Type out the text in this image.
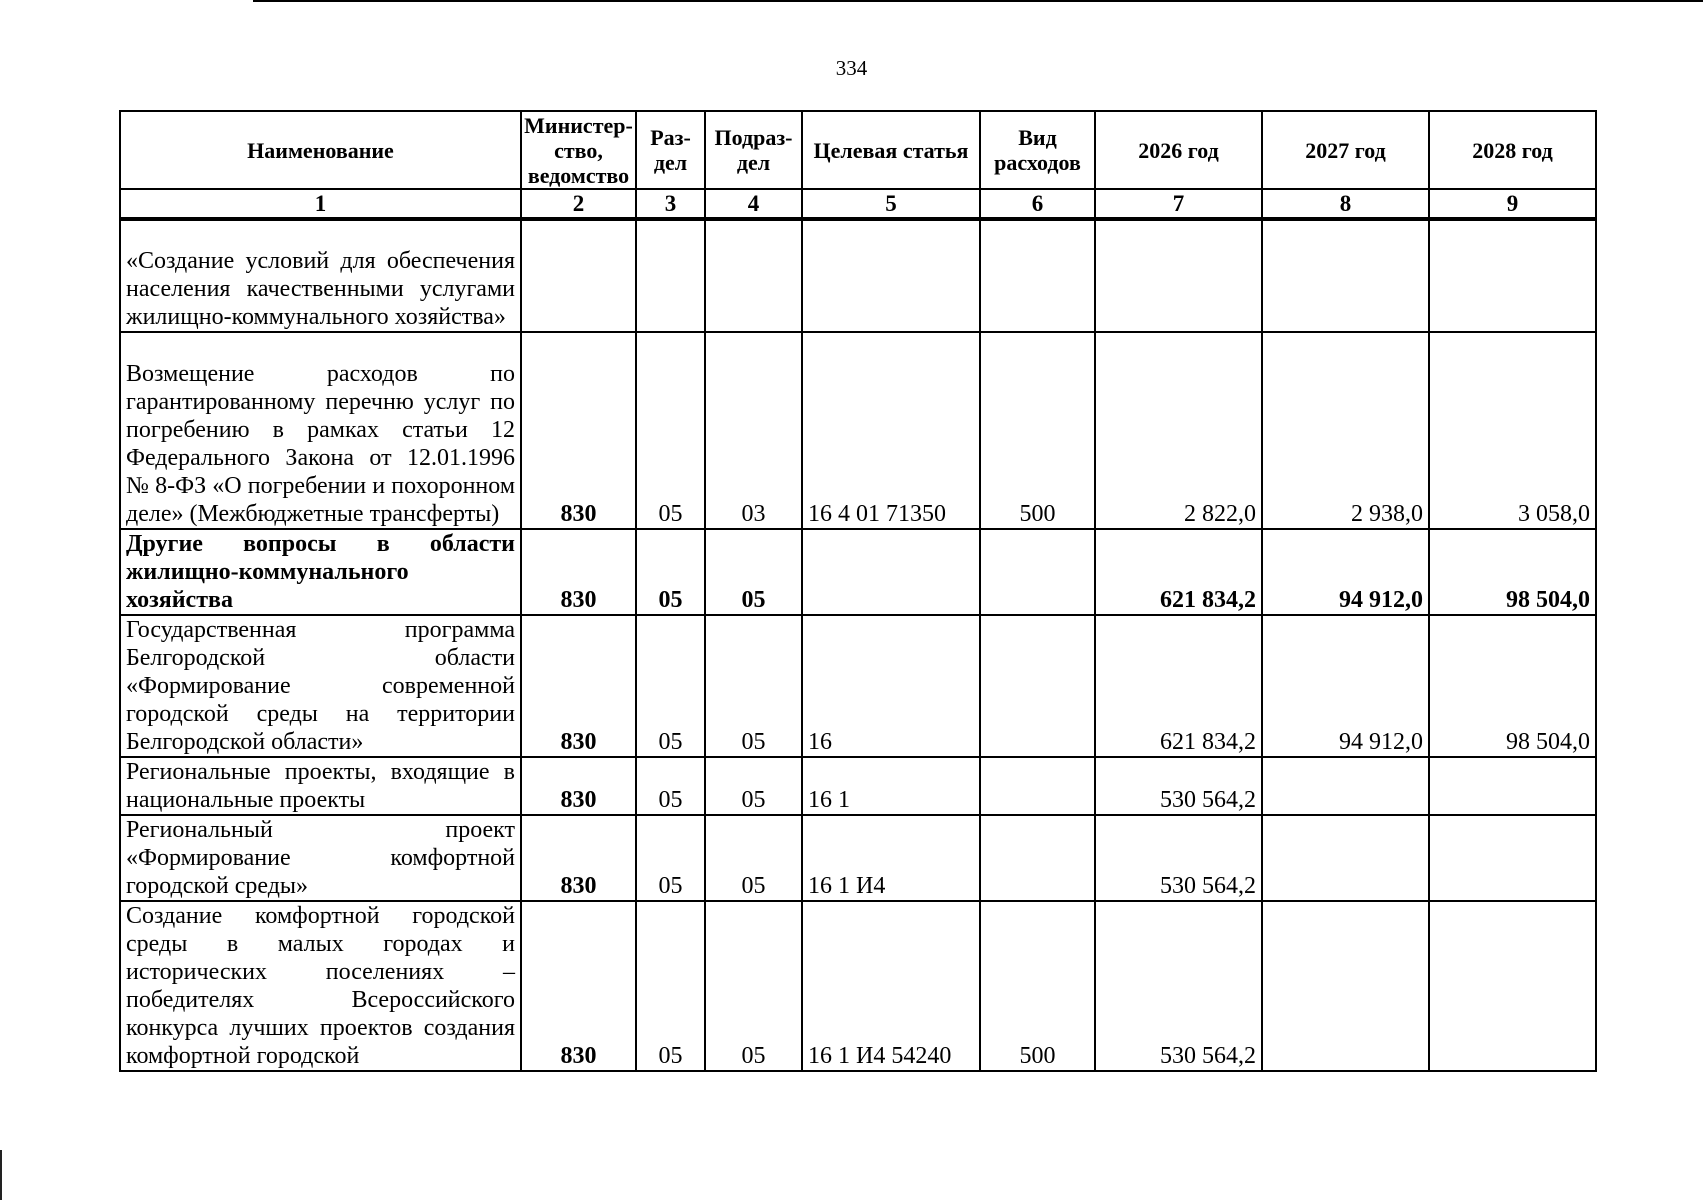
334
Наименование	Министер-ство, ведомство	Раз-дел	Подраз-дел	Целевая статья	Вид расходов	2026 год	2027 год	2028 год
1	2	3	4	5	6	7	8	9
«Создание условий для обеспечения населения качественными услугами жилищно-коммунального хозяйства»								
Возмещение расходов по гарантированному перечню услуг по погребению в рамках статьи 12 Федерального Закона от 12.01.1996 № 8-ФЗ «О погребении и похоронном деле» (Межбюджетные трансферты)	830	05	03	16 4 01 71350	500	2 822,0	2 938,0	3 058,0
Другие вопросы в области жилищно-коммунального хозяйства	830	05	05			621 834,2	94 912,0	98 504,0
Государственная программа Белгородской области «Формирование современной городской среды на территории Белгородской области»	830	05	05	16		621 834,2	94 912,0	98 504,0
Региональные проекты, входящие в национальные проекты	830	05	05	16 1		530 564,2		
Региональный проект «Формирование комфортной городской среды»	830	05	05	16 1 И4		530 564,2		
Создание комфортной городской среды в малых городах и исторических поселениях – победителях Всероссийского конкурса лучших проектов создания комфортной городской	830	05	05	16 1 И4 54240	500	530 564,2		
